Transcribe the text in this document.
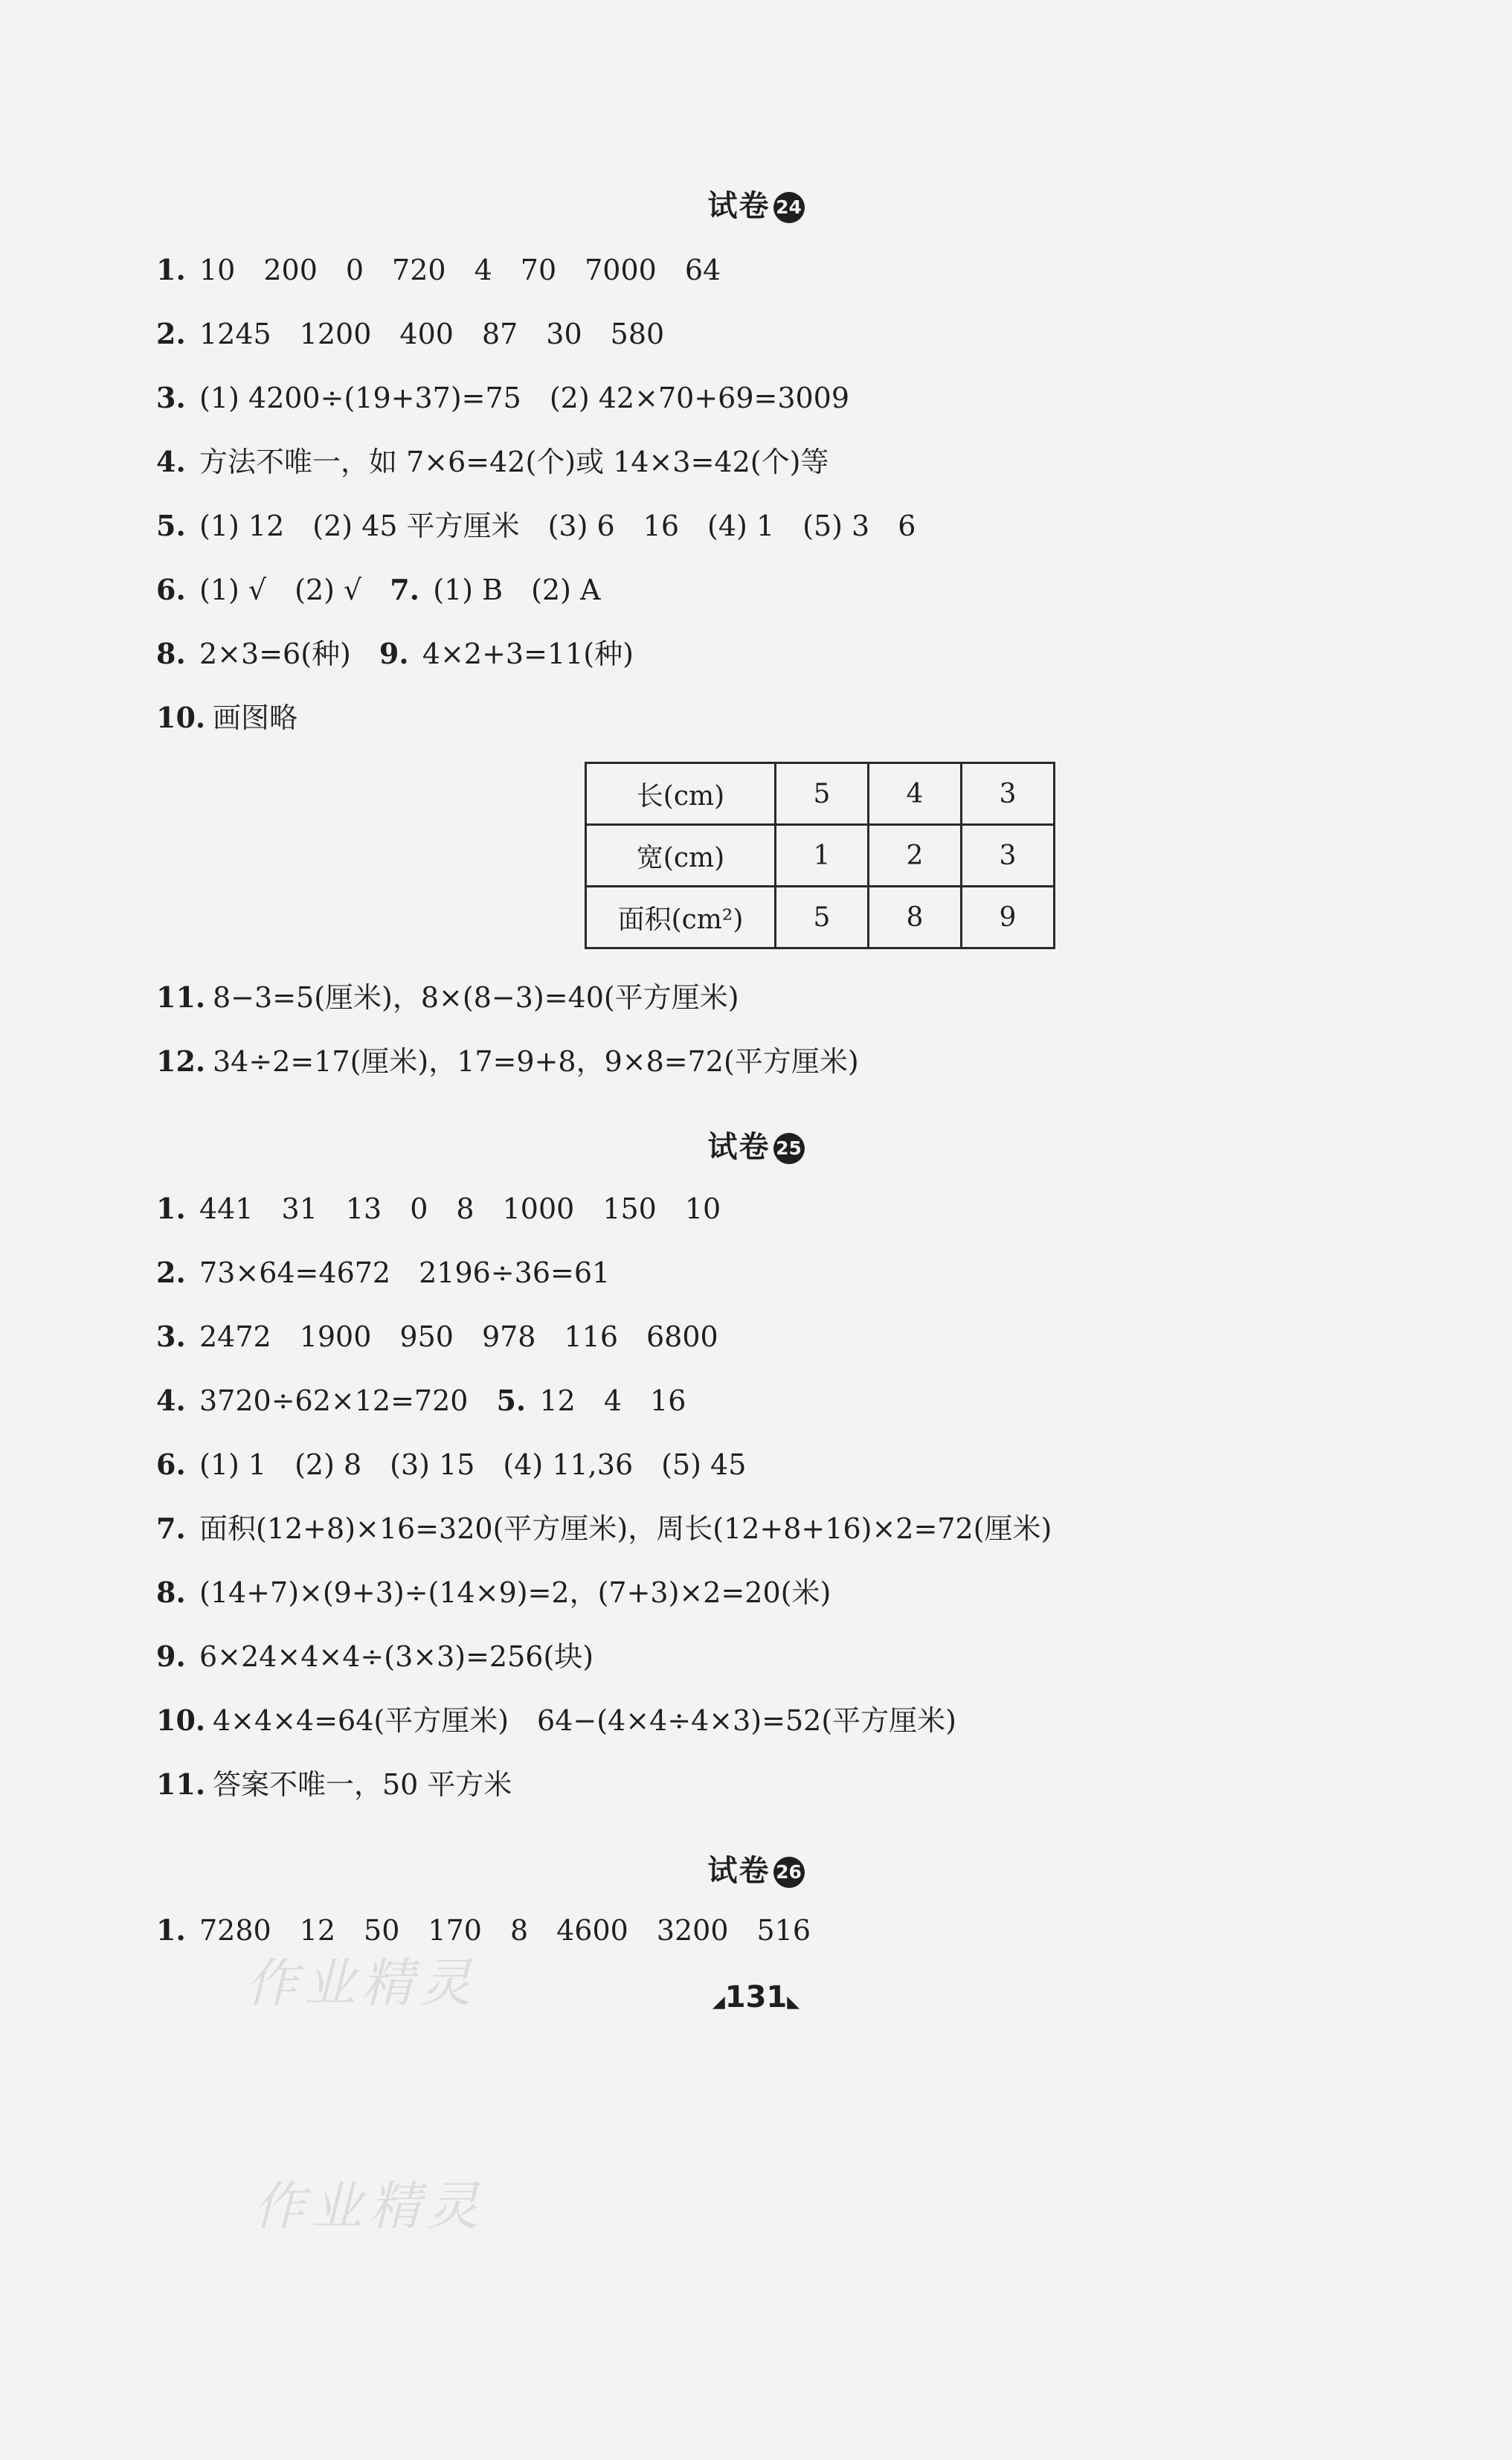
试卷 24
1. 10　200　0　720　4　70　7000　64
2. 1245　1200　400　87　30　580
3. (1) 4200÷(19+37)=75　(2) 42×70+69=3009
4. 方法不唯一，如 7×6=42(个)或 14×3=42(个)等
5. (1) 12　(2) 45 平方厘米　(3) 6　16　(4) 1　(5) 3　6
6. (1) √　(2) √　 7. (1) B　(2) A
8. 2×3=6(种)　 9. 4×2+3=11(种)
10. 画图略
长(cm)	5	4	3
宽(cm)	1	2	3
面积(cm²)	5	8	9
11. 8−3=5(厘米)，8×(8−3)=40(平方厘米)
12. 34÷2=17(厘米)，17=9+8，9×8=72(平方厘米)
试卷 25
1. 441　31　13　0　8　1000　150　10
2. 73×64=4672　2196÷36=61
3. 2472　1900　950　978　116　6800
4. 3720÷62×12=720　 5. 12　4　16
6. (1) 1　(2) 8　(3) 15　(4) 11,36　(5) 45
7. 面积(12+8)×16=320(平方厘米)，周长(12+8+16)×2=72(厘米)
8. (14+7)×(9+3)÷(14×9)=2，(7+3)×2=20(米)
9. 6×24×4×4÷(3×3)=256(块)
10. 4×4×4=64(平方厘米)　64−(4×4÷4×3)=52(平方厘米)
11. 答案不唯一，50 平方米
试卷 26
1. 7280　12　50　170　8　4600　3200　516
作业精灵
作业精灵
◢131◣
